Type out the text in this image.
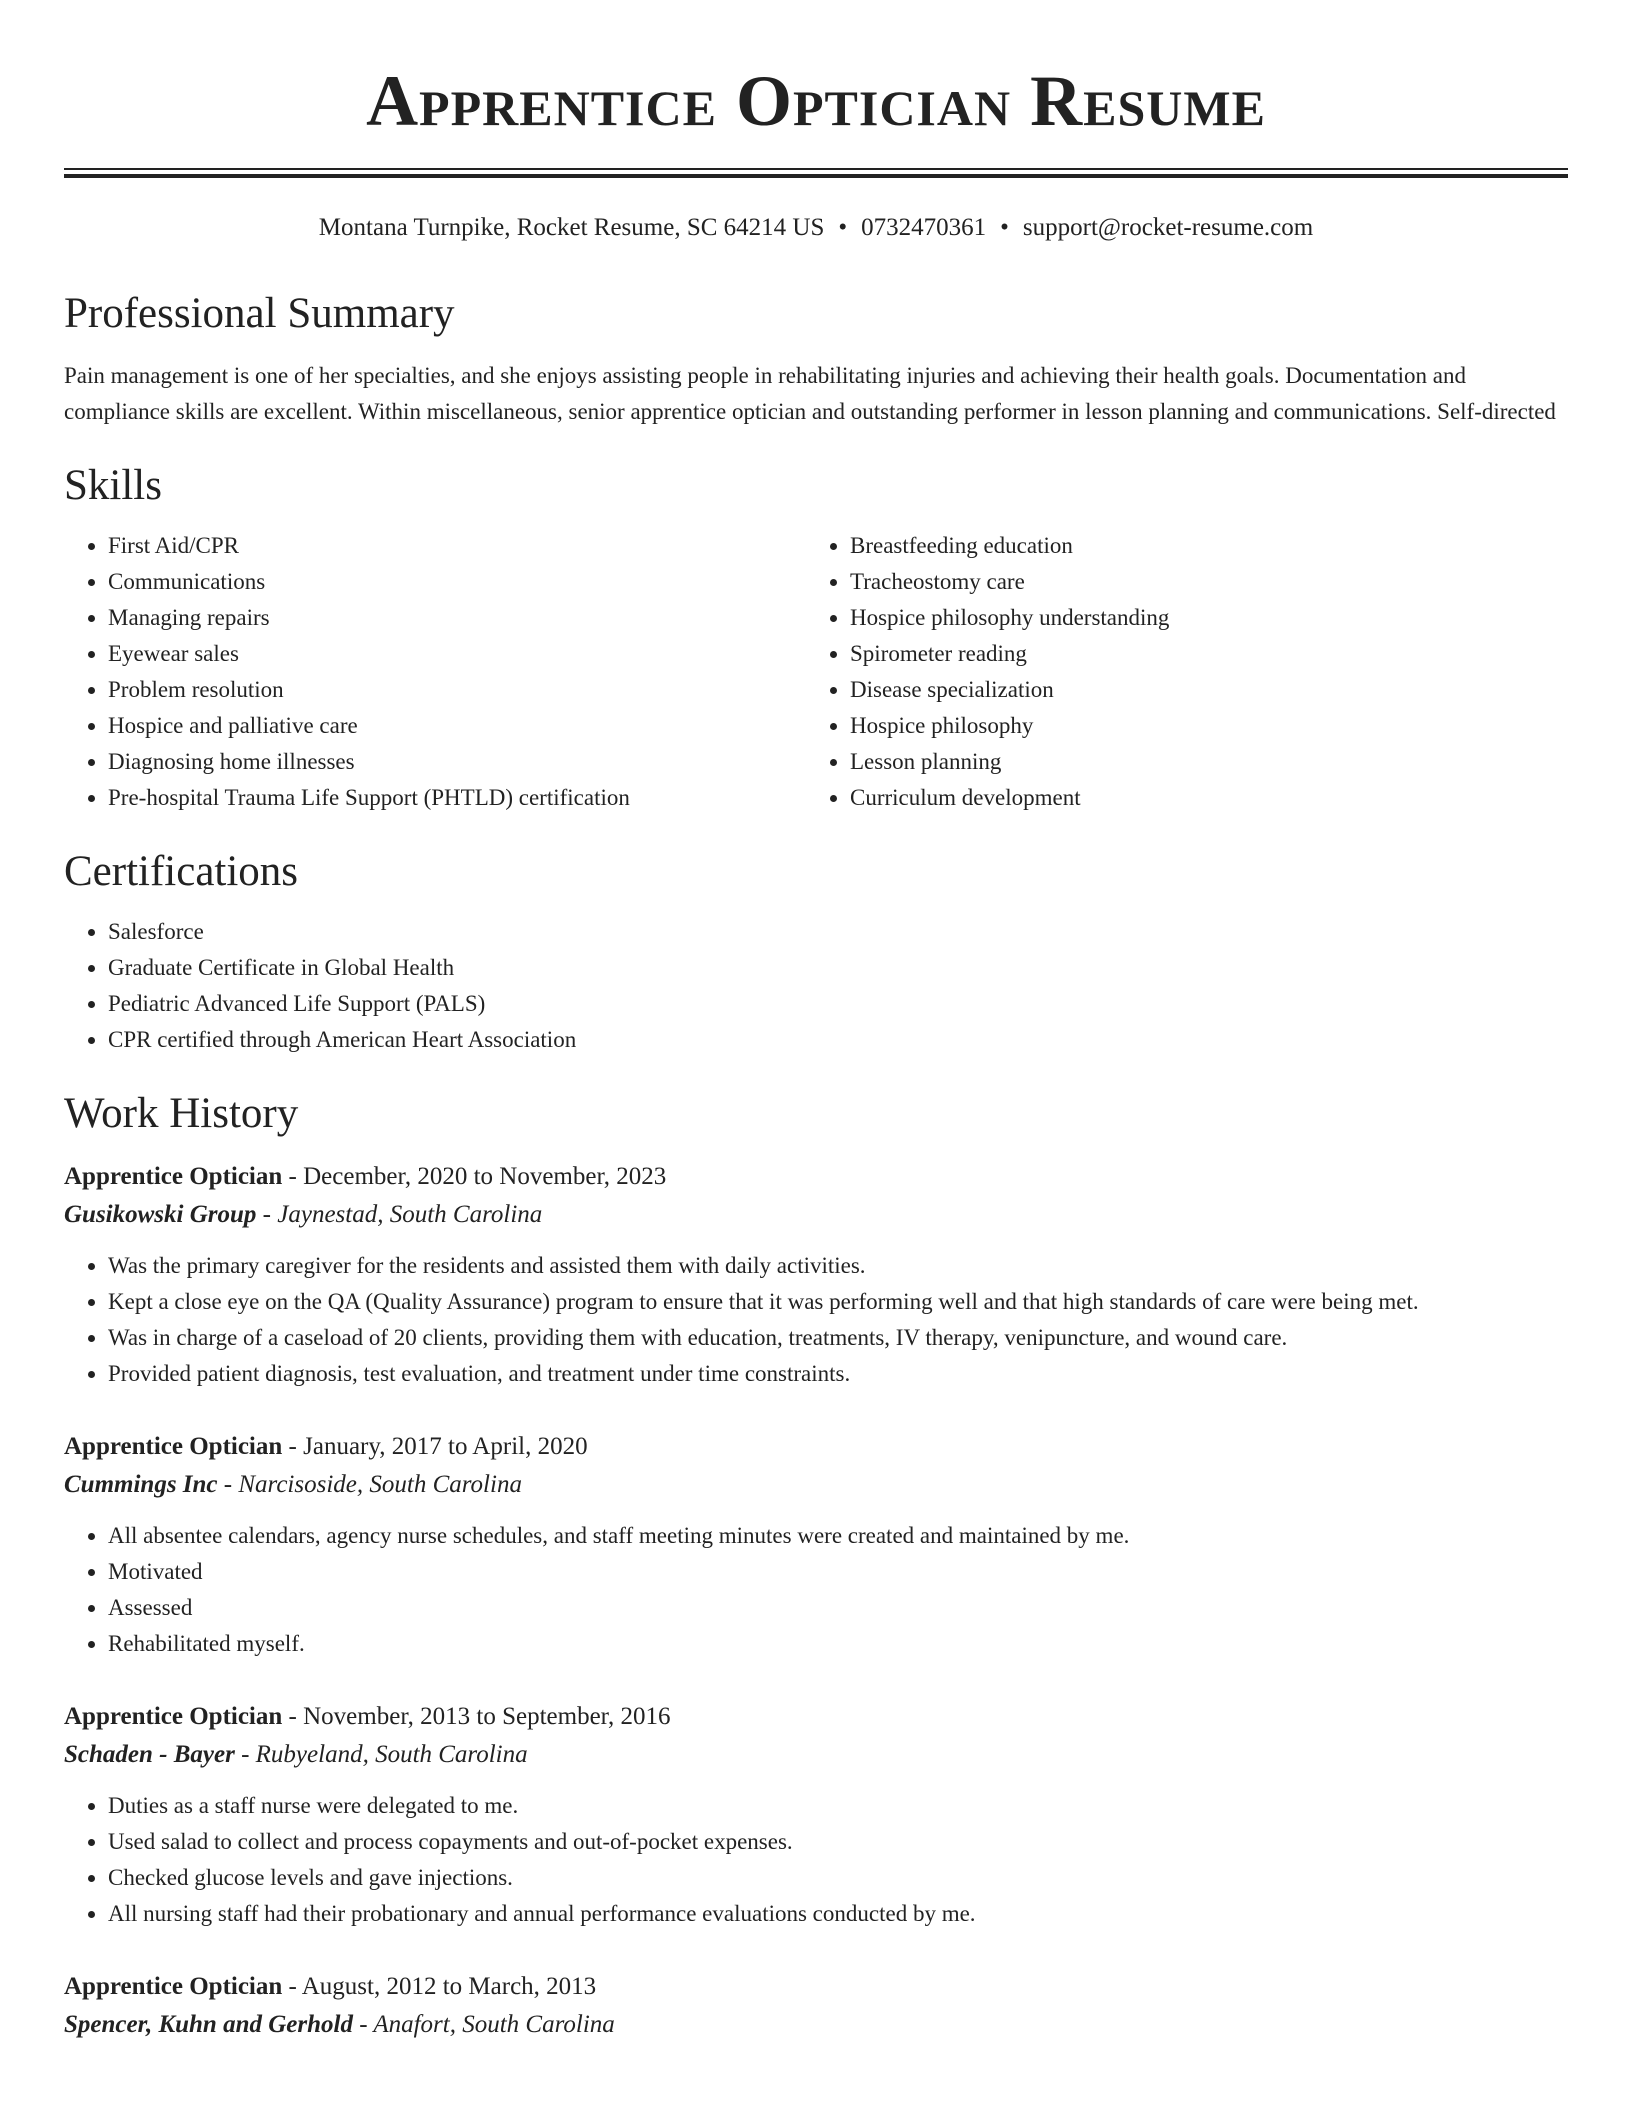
Apprentice Optician Resume
Montana Turnpike, Rocket Resume, SC 64214 US • 0732470361 • support@rocket-resume.com
Professional Summary
Pain management is one of her specialties, and she enjoys assisting people in rehabilitating injuries and achieving their health goals. Documentation and compliance skills are excellent. Within miscellaneous, senior apprentice optician and outstanding performer in lesson planning and communications. Self-directed
Skills
• First Aid/CPR
• Communications
• Managing repairs
• Eyewear sales
• Problem resolution
• Hospice and palliative care
• Diagnosing home illnesses
• Pre-hospital Trauma Life Support (PHTLD) certification
• Breastfeeding education
• Tracheostomy care
• Hospice philosophy understanding
• Spirometer reading
• Disease specialization
• Hospice philosophy
• Lesson planning
• Curriculum development
Certifications
• Salesforce
• Graduate Certificate in Global Health
• Pediatric Advanced Life Support (PALS)
• CPR certified through American Heart Association
Work History
Apprentice Optician - December, 2020 to November, 2023
Gusikowski Group - Jaynestad, South Carolina
• Was the primary caregiver for the residents and assisted them with daily activities.
• Kept a close eye on the QA (Quality Assurance) program to ensure that it was performing well and that high standards of care were being met.
• Was in charge of a caseload of 20 clients, providing them with education, treatments, IV therapy, venipuncture, and wound care.
• Provided patient diagnosis, test evaluation, and treatment under time constraints.
Apprentice Optician - January, 2017 to April, 2020
Cummings Inc - Narcisoside, South Carolina
• All absentee calendars, agency nurse schedules, and staff meeting minutes were created and maintained by me.
• Motivated
• Assessed
• Rehabilitated myself.
Apprentice Optician - November, 2013 to September, 2016
Schaden - Bayer - Rubyeland, South Carolina
• Duties as a staff nurse were delegated to me.
• Used salad to collect and process copayments and out-of-pocket expenses.
• Checked glucose levels and gave injections.
• All nursing staff had their probationary and annual performance evaluations conducted by me.
Apprentice Optician - August, 2012 to March, 2013
Spencer, Kuhn and Gerhold - Anafort, South Carolina
